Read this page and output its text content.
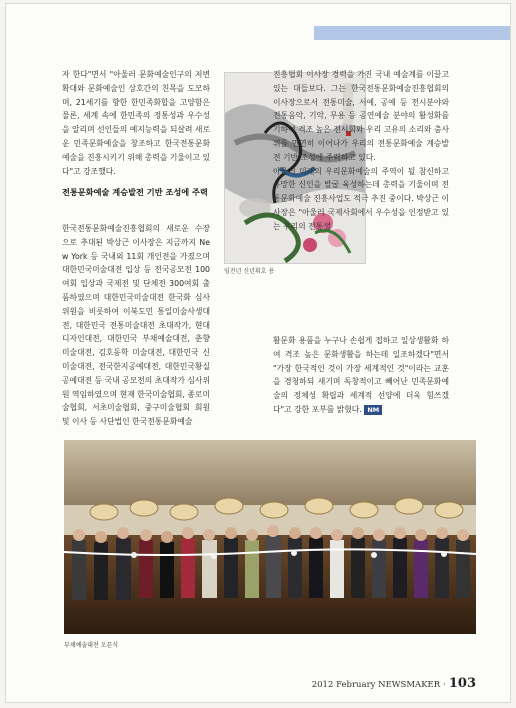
자 한다"면서 "아울러 문화예술인구의 저변확대와 문화예술인 상호간의 친목을 도모하며, 21세기를 향한 한민족화합을 고양함은 물론, 세계 속에 한민족의 정통성과 우수성을 알리며 선인들의 예지능력을 되살려 새로운 민족문화예술을 창조하고 한국전통문화예술을 진흥시키기 위해 총력을 기울이고 있다"고 강조했다.

전통문화예술 계승발전 기반 조성에 주력

한국전통문화예술진흥협회의 새로운 수장으로 추대된 박상근 이사장은 지금까지 New York 등 국내외 11회 개인전을 가졌으며 대한민국미술대전 입상 등 전국공모전 100여회 입상과 국제전 및 단체전 300여회 출품하였으며 대한민국미술대전 한국화 심사위원을 비롯하여 이북도민 통일미술사생대전, 대한민국 전통미술대전 초대작가, 현대디자인대전, 대한민국 부채예술대전, 춘향 미술대전, 김호동학 미술대전, 대한민국 신미술대전, 전국한지공예대전, 대한민국황실공예대전 등 국내 공모전의 초대작가 심사위원 역임하였으며 현재 한국미술협회, 종로미술협회, 서초미술협회, 중구미술협회 회원 및 이사 등 사단법인 한국전통문화예술

임진년 신년휘호 용

진흥협회 이사장 경력을 가진 국내 예술계를 이끌고 있는 대들보다. 그는 한국전통문화예술진흥협회의 이사장으로서 전통미술, 서예, 공예 등 전시분야와 전통음악, 기악, 무용 등 공연예술 분야의 활성화를 기하여 격조 높은 전시회와 우리 고유의 소리와 춤사위를 면면히 이어나가 우리의 전통문화예술 계승발전 기반 조성에 주력하고 있다.

아울러 미래의 우리문화예술의 주역이 될 참신하고 유망한 신인을 발굴 육성하는데 총력을 기울이며 전통문화예술 진흥사업도 적극 추진 중이다. 박상근 이사장은 "아울러 국제사회에서 우수성을 인정받고 있는 우리의 전통생

활문화 용품을 누구나 손쉽게 접하고 일상생활화 하여 격조 높은 문화생활을 하는데 일조하겠다"면서 "가장 한국적인 것이 가장 세계적인 것"이라는 교훈을 경청하되 새기며 독창적이고 빼어난 민족문화예술의 정체성 확립과 세계적 선양에 더욱 힘쓰겠다"고 강한 포부를 밝혔다. NM

부채예술대전 오픈식
2012 February NEWSMAKER · 103
